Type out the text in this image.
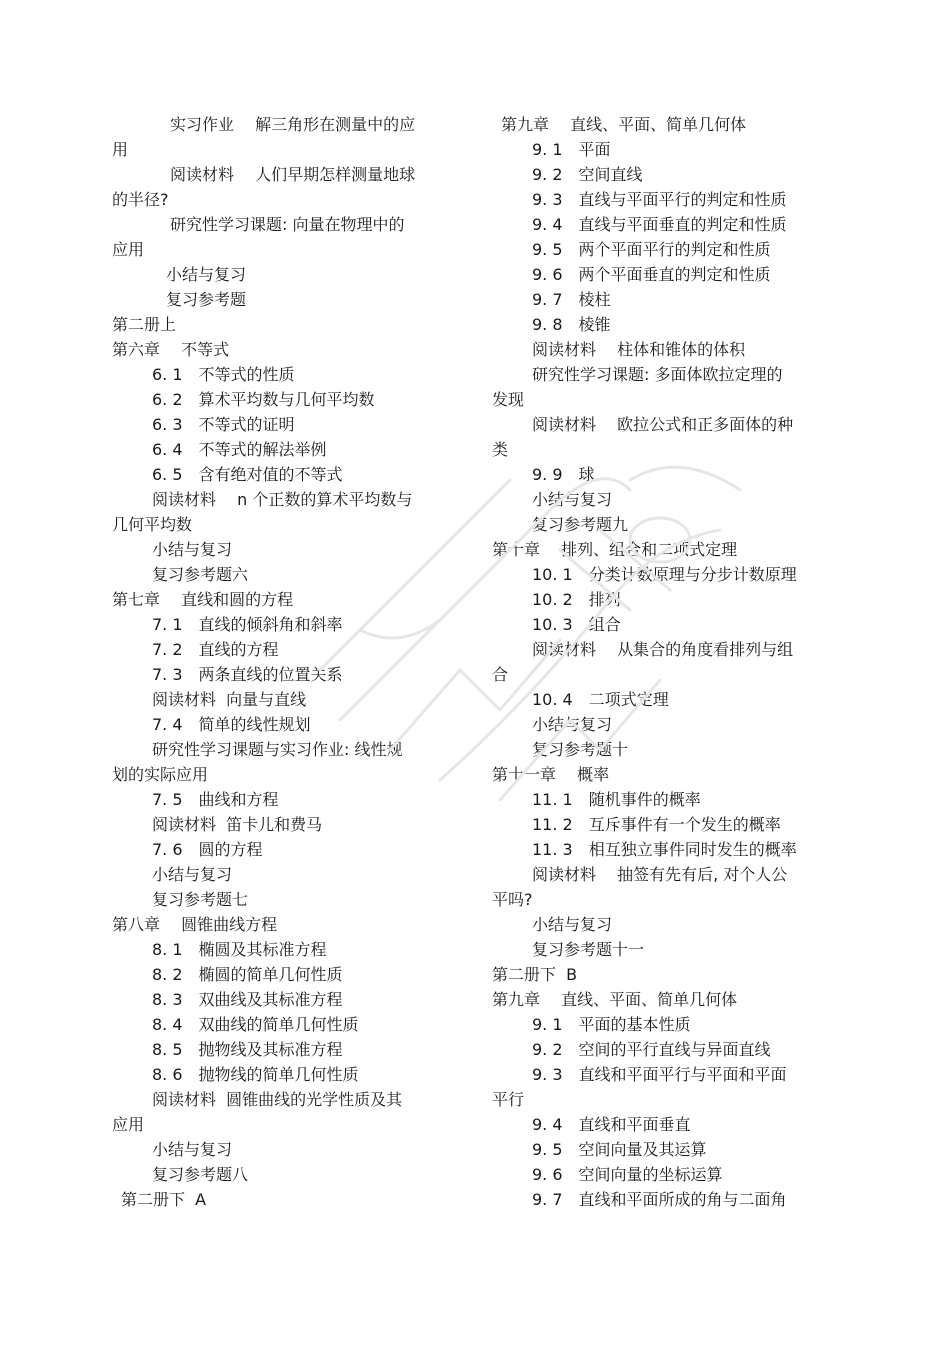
实习作业　 解三角形在测量中的应
用
阅读材料　 人们早期怎样测量地球
的半径?
研究性学习课题: 向量在物理中的
应用
小结与复习
复习参考题
第二册上
第六章　 不等式
6. 1　不等式的性质
6. 2　算术平均数与几何平均数
6. 3　不等式的证明
6. 4　不等式的解法举例
6. 5　含有绝对值的不等式
阅读材料　 n 个正数的算术平均数与
几何平均数
小结与复习
复习参考题六
第七章　 直线和圆的方程
7. 1　直线的倾斜角和斜率
7. 2　直线的方程
7. 3　两条直线的位置关系
阅读材料  向量与直线
7. 4　简单的线性规划
研究性学习课题与实习作业: 线性规
划的实际应用
7. 5　曲线和方程
阅读材料  笛卡儿和费马
7. 6　圆的方程
小结与复习
复习参考题七
第八章　 圆锥曲线方程
8. 1　椭圆及其标准方程
8. 2　椭圆的简单几何性质
8. 3　双曲线及其标准方程
8. 4　双曲线的简单几何性质
8. 5　抛物线及其标准方程
8. 6　抛物线的简单几何性质
阅读材料  圆锥曲线的光学性质及其
应用
小结与复习
复习参考题八
第二册下  A
第九章　 直线、平面、简单几何体
9. 1　平面
9. 2　空间直线
9. 3　直线与平面平行的判定和性质
9. 4　直线与平面垂直的判定和性质
9. 5　两个平面平行的判定和性质
9. 6　两个平面垂直的判定和性质
9. 7　棱柱
9. 8　棱锥
阅读材料　 柱体和锥体的体积
研究性学习课题: 多面体欧拉定理的
发现
阅读材料　 欧拉公式和正多面体的种
类
9. 9　球
小结与复习
复习参考题九
第十章　 排列、组合和二项式定理
10. 1　分类计数原理与分步计数原理
10. 2　排列
10. 3　组合
阅读材料　 从集合的角度看排列与组
合
10. 4　二项式定理
小结与复习
复习参考题十
第十一章　 概率
11. 1　随机事件的概率
11. 2　互斥事件有一个发生的概率
11. 3　相互独立事件同时发生的概率
阅读材料　 抽签有先有后, 对个人公
平吗?
小结与复习
复习参考题十一
第二册下  B
第九章　 直线、平面、简单几何体
9. 1　平面的基本性质
9. 2　空间的平行直线与异面直线
9. 3　直线和平面平行与平面和平面
平行
9. 4　直线和平面垂直
9. 5　空间向量及其运算
9. 6　空间向量的坐标运算
9. 7　直线和平面所成的角与二面角
